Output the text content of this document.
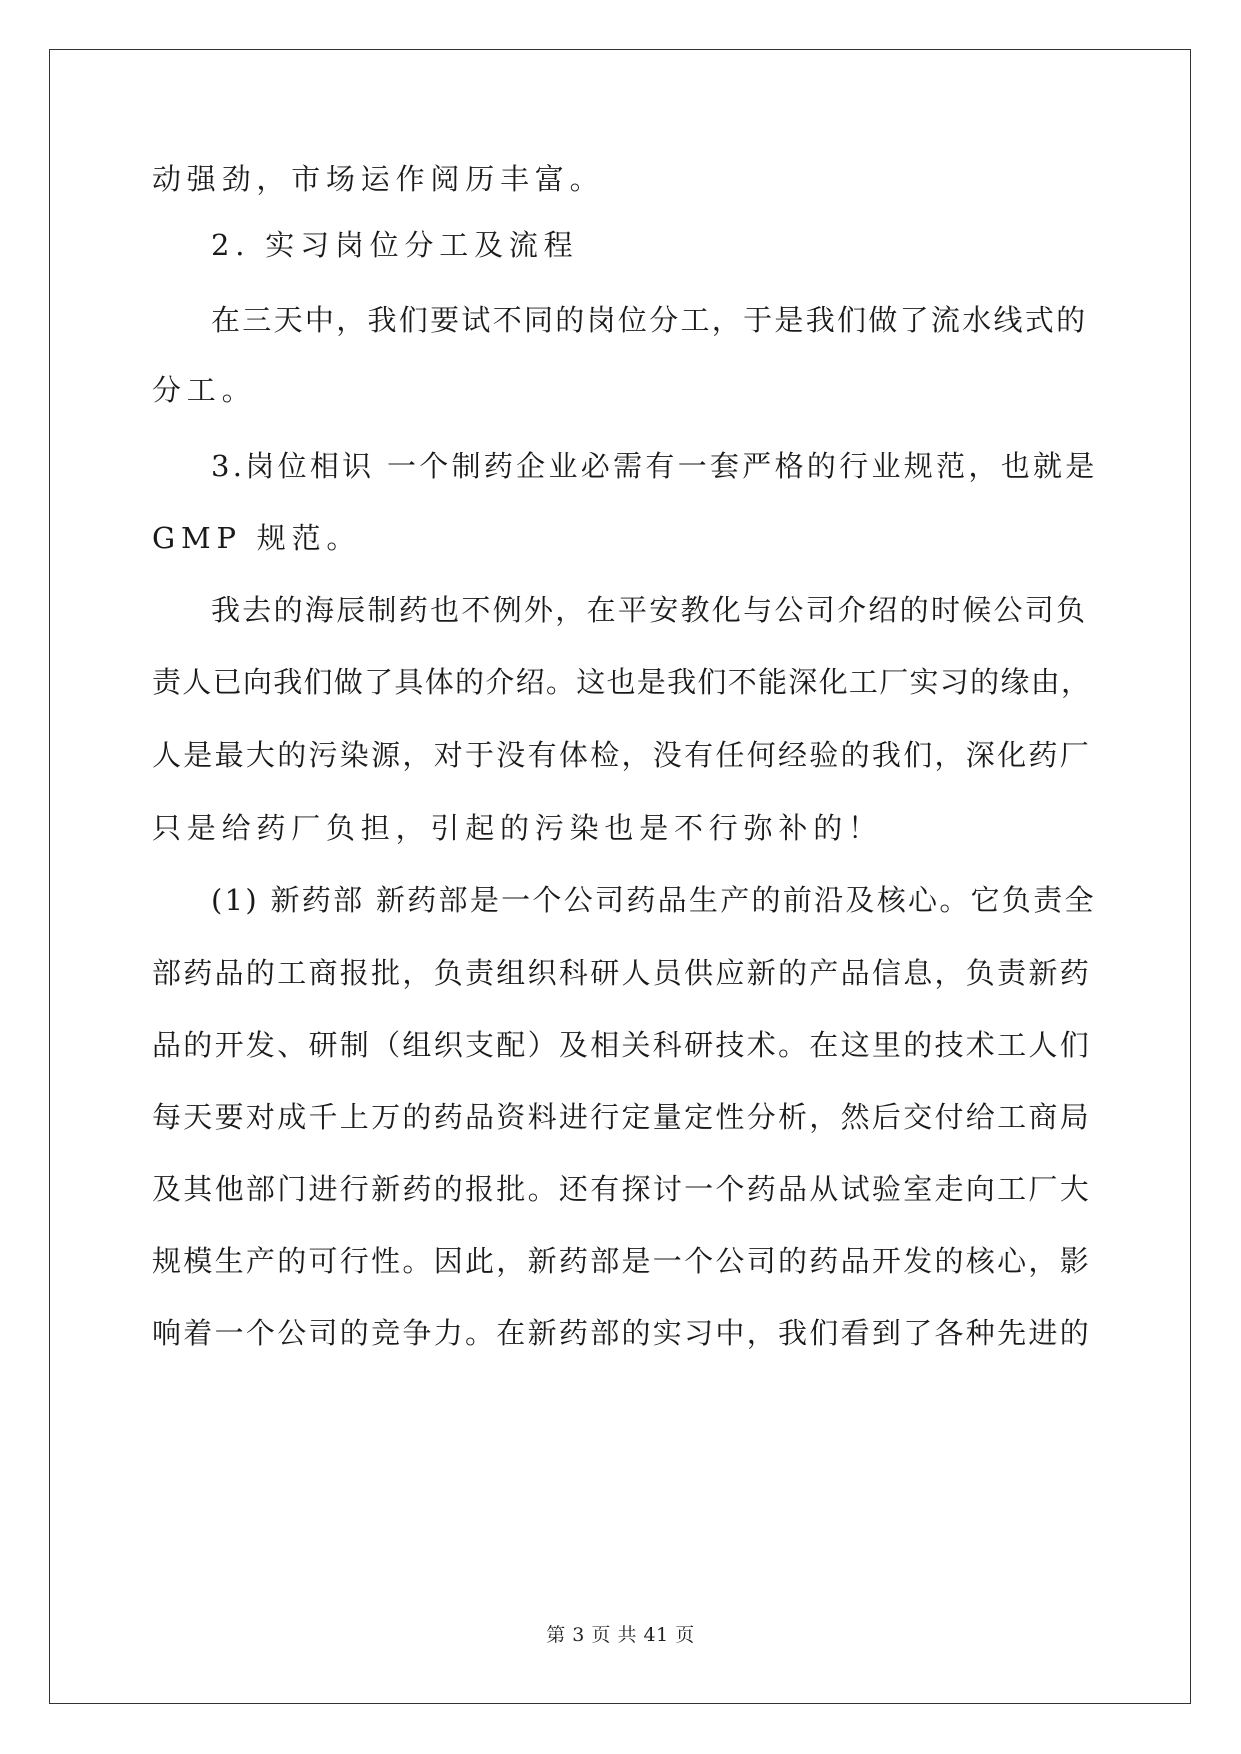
动强劲，市场运作阅历丰富。
2. 实习岗位分工及流程
在三天中，我们要试不同的岗位分工，于是我们做了流水线式的
分工。
3.岗位相识 一个制药企业必需有一套严格的行业规范，也就是
GMP 规范。
我去的海辰制药也不例外，在平安教化与公司介绍的时候公司负
责人已向我们做了具体的介绍。这也是我们不能深化工厂实习的缘由，
人是最大的污染源，对于没有体检，没有任何经验的我们，深化药厂
只是给药厂负担，引起的污染也是不行弥补的！
(1) 新药部 新药部是一个公司药品生产的前沿及核心。它负责全
部药品的工商报批，负责组织科研人员供应新的产品信息，负责新药
品的开发、研制（组织支配）及相关科研技术。在这里的技术工人们
每天要对成千上万的药品资料进行定量定性分析，然后交付给工商局
及其他部门进行新药的报批。还有探讨一个药品从试验室走向工厂大
规模生产的可行性。因此，新药部是一个公司的药品开发的核心，影
响着一个公司的竞争力。在新药部的实习中，我们看到了各种先进的
第 3 页 共 41 页
